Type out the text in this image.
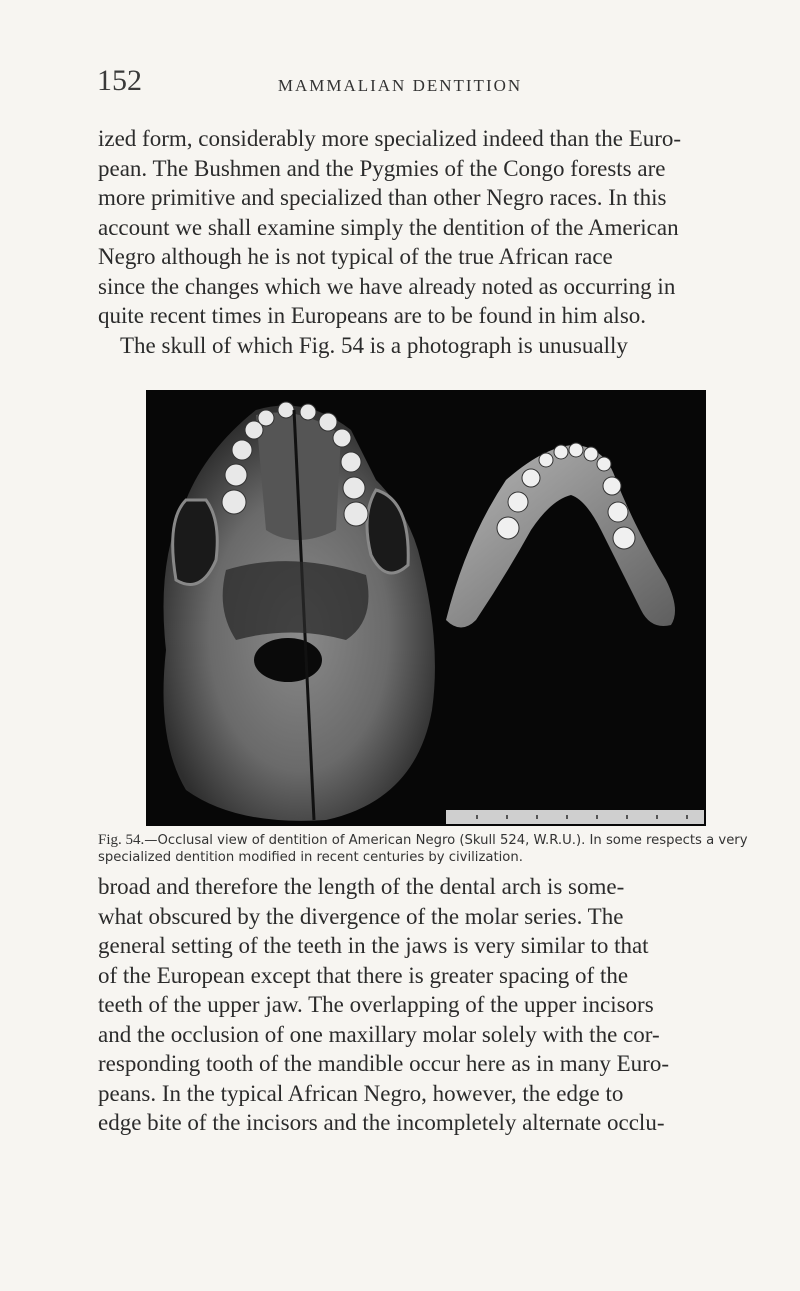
152	MAMMALIAN DENTITION

ized form, considerably more specialized indeed than the Euro-

pean. The Bushmen and the Pygmies of the Congo forests are

more primitive and specialized than other Negro races. In this

account we shall examine simply the dentition of the American

Negro although he is not typical of the true African race

since the changes which we have already noted as occurring in

quite recent times in Europeans are to be found in him also.

The skull of which Fig. 54 is a photograph is unusually

Fig. 54.—Occlusal view of dentition of American Negro (Skull 524, W.R.U.). In some respects a very specialized dentition modified in recent centuries by civilization.

broad and therefore the length of the dental arch is some-

what obscured by the divergence of the molar series. The

general setting of the teeth in the jaws is very similar to that

of the European except that there is greater spacing of the

teeth of the upper jaw. The overlapping of the upper incisors

and the occlusion of one maxillary molar solely with the cor-

responding tooth of the mandible occur here as in many Euro-

peans. In the typical African Negro, however, the edge to

edge bite of the incisors and the incompletely alternate occlu-
